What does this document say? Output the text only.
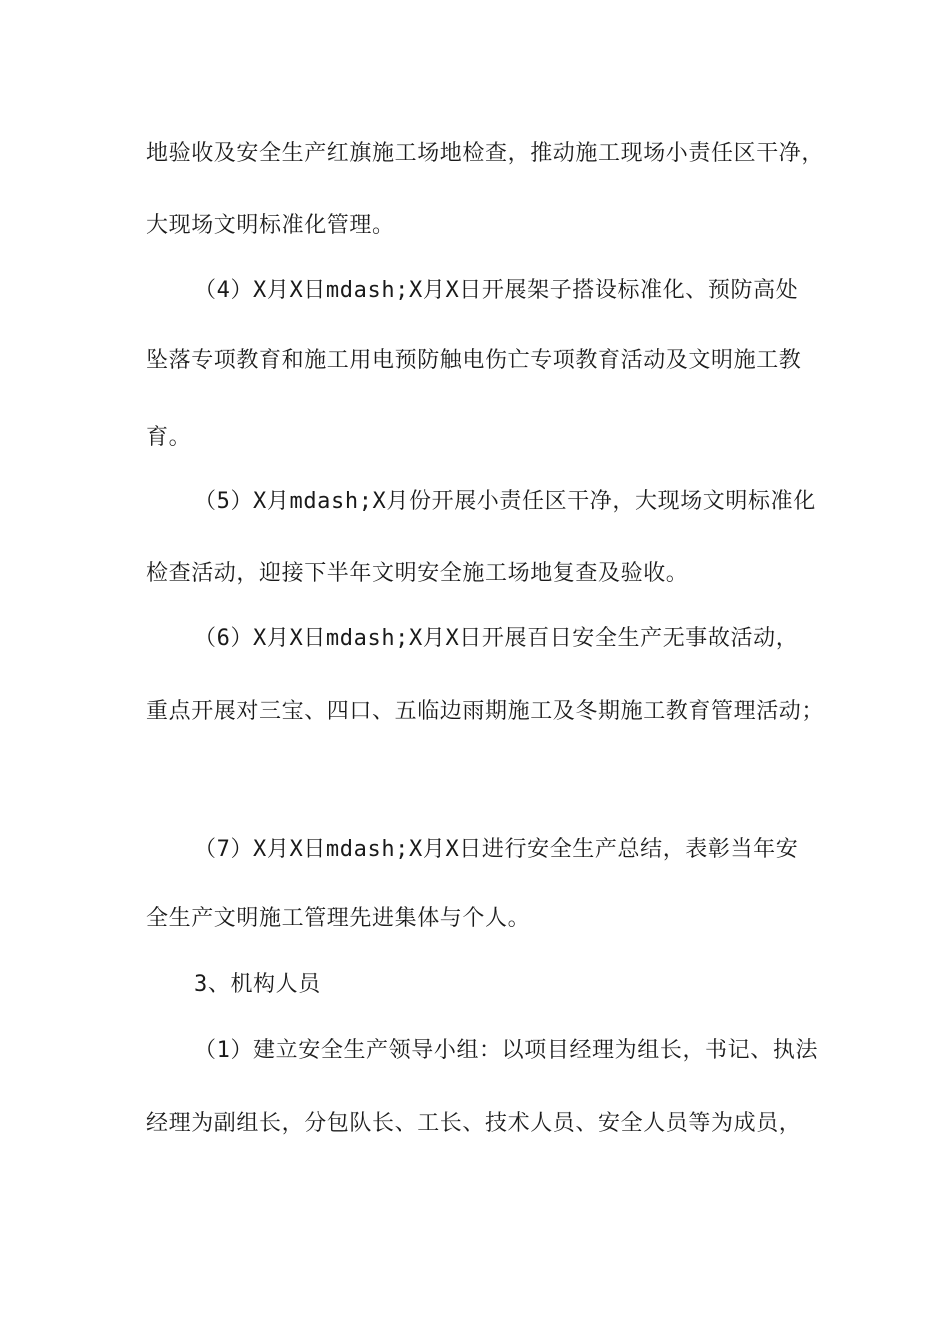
地验收及安全生产红旗施工场地检查，推动施工现场小责任区干净，
大现场文明标准化管理。
（4）X月X日mdash;X月X日开展架子搭设标准化、预防高处
坠落专项教育和施工用电预防触电伤亡专项教育活动及文明施工教
育。
（5）X月mdash;X月份开展小责任区干净，大现场文明标准化
检查活动，迎接下半年文明安全施工场地复查及验收。
（6）X月X日mdash;X月X日开展百日安全生产无事故活动，
重点开展对三宝、四口、五临边雨期施工及冬期施工教育管理活动；
（7）X月X日mdash;X月X日进行安全生产总结，表彰当年安
全生产文明施工管理先进集体与个人。
3、机构人员
（1）建立安全生产领导小组：以项目经理为组长，书记、执法
经理为副组长，分包队长、工长、技术人员、安全人员等为成员，
